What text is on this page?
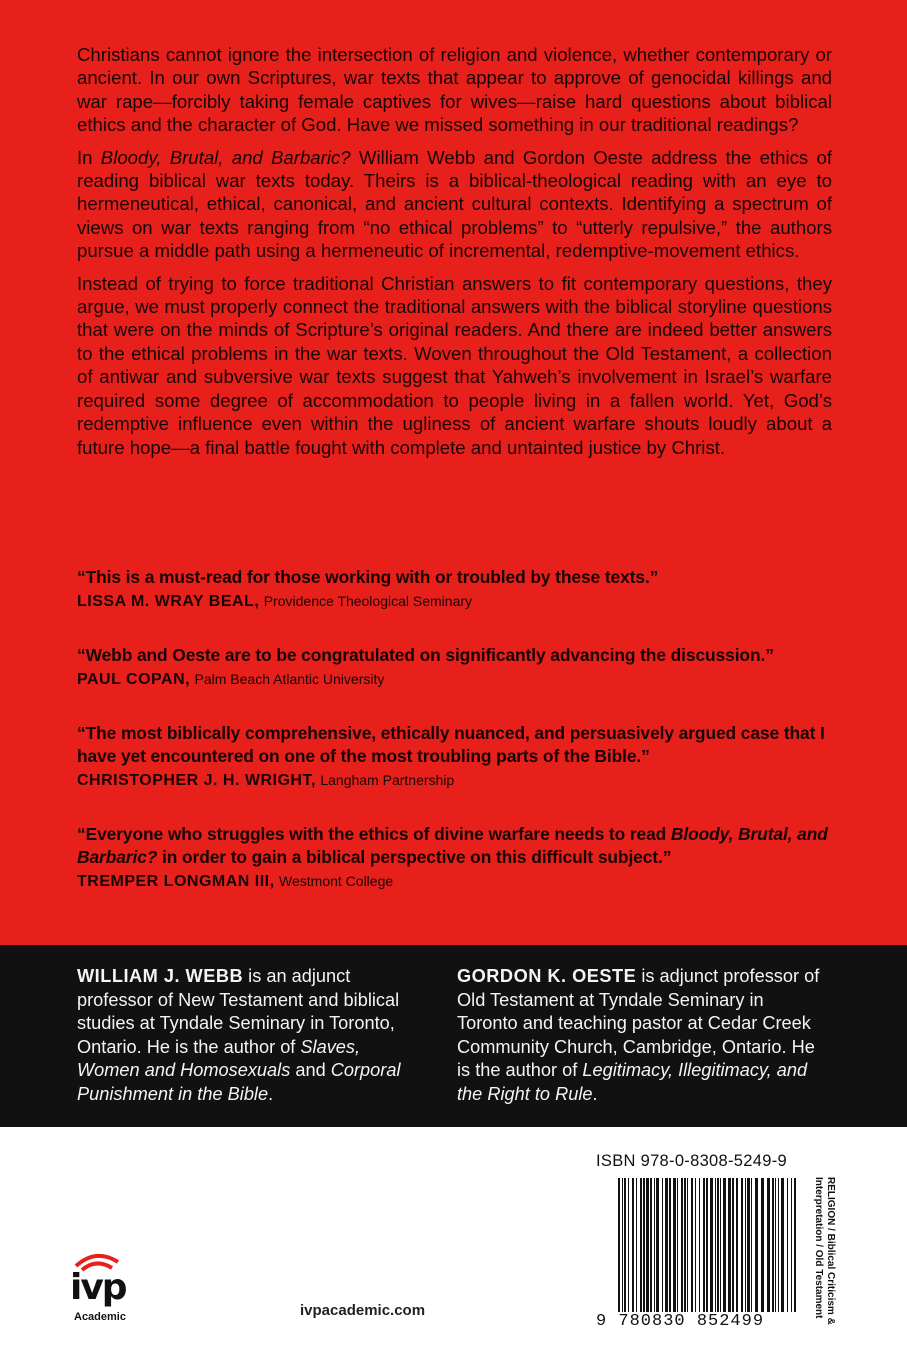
Christians cannot ignore the intersection of religion and violence, whether contemporary or ancient. In our own Scriptures, war texts that appear to approve of genocidal killings and war rape—forcibly taking female captives for wives—raise hard questions about biblical ethics and the character of God. Have we missed something in our traditional readings?

In Bloody, Brutal, and Barbaric? William Webb and Gordon Oeste address the ethics of reading biblical war texts today. Theirs is a biblical-theological reading with an eye to hermeneutical, ethical, canonical, and ancient cultural contexts. Identifying a spectrum of views on war texts ranging from “no ethical problems” to “utterly repulsive,” the authors pursue a middle path using a hermeneutic of incremental, redemptive-movement ethics.

Instead of trying to force traditional Christian answers to fit contemporary questions, they argue, we must properly connect the traditional answers with the biblical storyline questions that were on the minds of Scripture’s original readers. And there are indeed better answers to the ethical problems in the war texts. Woven throughout the Old Testament, a collection of antiwar and subversive war texts suggest that Yahweh’s involvement in Israel’s warfare required some degree of accommodation to people living in a fallen world. Yet, God’s redemptive influence even within the ugliness of ancient warfare shouts loudly about a future hope—a final battle fought with complete and untainted justice by Christ.

“This is a must-read for those working with or troubled by these texts.”
LISSA M. WRAY BEAL, Providence Theological Seminary
“Webb and Oeste are to be congratulated on significantly advancing the discussion.”
PAUL COPAN, Palm Beach Atlantic University
“The most biblically comprehensive, ethically nuanced, and persuasively argued case that I have yet encountered on one of the most troubling parts of the Bible.”
CHRISTOPHER J. H. WRIGHT, Langham Partnership
“Everyone who struggles with the ethics of divine warfare needs to read Bloody, Brutal, and Barbaric? in order to gain a biblical perspective on this difficult subject.”
TREMPER LONGMAN III, Westmont College
WILLIAM J. WEBB is an adjunct professor of New Testament and biblical studies at Tyndale Seminary in Toronto, Ontario. He is the author of Slaves, Women and Homosexuals and Corporal Punishment in the Bible.
GORDON K. OESTE is adjunct professor of Old Testament at Tyndale Seminary in Toronto and teaching pastor at Cedar Creek Community Church, Cambridge, Ontario. He is the author of Legitimacy, Illegitimacy, and the Right to Rule.
ISBN 978-0-8308-5249-9
9 780830 852499	RELIGION / Biblical Criticism & Interpretation / Old Testament
ivp
Academic	ivpacademic.com
